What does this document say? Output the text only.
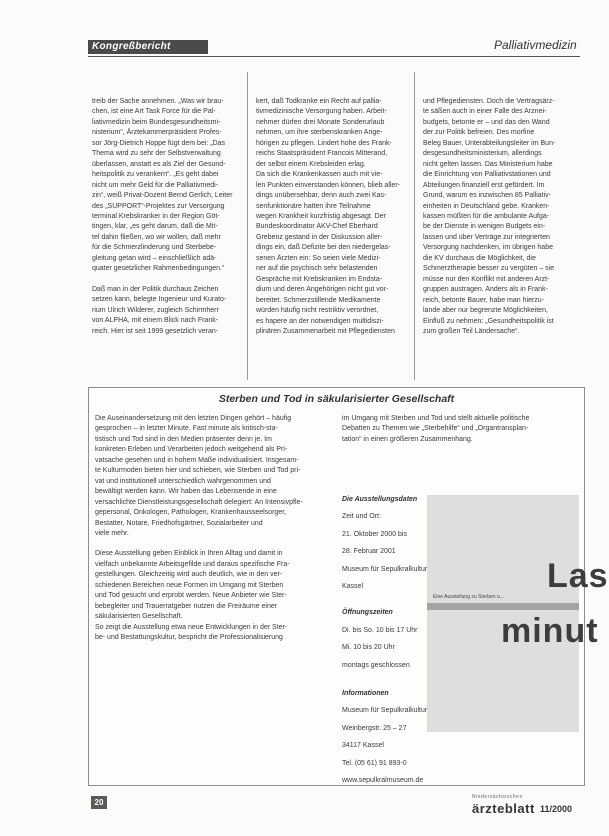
Kongreßbericht	Palliativmedizin

treib der Sache annehmen. „Was wir brau-

chen, ist eine Art Task Force für die Pal-

liativmedizin beim Bundesgesundheitsmi-

nisterium“, Ärztekammerpräsident Profes-

sor Jörg-Dietrich Hoppe fügt dem bei: „Das

Thema wird zu sehr der Selbstverwaltung

überlassen, anstatt es als Ziel der Gesund-

heitspolitik zu verankern“. „Es geht dabei

nicht um mehr Geld für die Palliativmedi-

zin“, weiß Privat-Dozent Bernd Gerlich, Leiter

des „SUPPORT“-Projektes zur Versorgung

terminal Krebskranker in der Region Göt-

tingen, klar, „es geht darum, daß die Mit-

tel dahin fließen, wo wir wollen, daß mehr

für die Schmerzlinderung und Sterbebe-

gleitung getan wird – einschließlich adä-

quater gesetzlicher Rahmenbedingungen.“

Daß man in der Politik durchaus Zeichen

setzen kann, belegte Ingenieur und Kurato-

rium Ulrich Wilderer, zugleich Schirmherr

von ALPHA, mit einem Blick nach Frank-

reich. Hier ist seit 1999 gesetzlich veran-

kert, daß Todkranke ein Recht auf pallia-

tivmedizinische Versorgung haben. Arbeit-

nehmer dürfen drei Monate Sonderurlaub

nehmen, um ihre sterbenskranken Ange-

hörigen zu pflegen. Lindert hohe des Frank-

reichs Staatspräsident Francois Mitterand,

der selbst einem Krebsleiden erlag.

Da sich die Krankenkassen auch mit vie-

len Punkten einverstanden können, blieb aller-

dings unübersehbar, denn auch zwei Kas-

senfunktionäre hatten ihre Teilnahme

wegen Krankheit kurzfristig abgesagt. Der

Bundeskoordinator AKV-Chef Eberhard

Grebenz gestand in der Diskussion aller-

dings ein, daß Defizite bei den niedergelas-

senen Ärzten ein: So seien viele Medizi-

ner auf die psychisch sehr belastenden

Gespräche mit Krebskranken im Endsta-

dium und deren Angehörigen nicht gut vor-

bereitet. Schmerzstillende Medikamente

würden häufig nicht restriktiv verordnet,

es hapere an der notwendigen multidiszi-

plinären Zusammenarbeit mit Pflegediensten

und Pflegediensten. Doch die Vertragsärz-

te säßen auch in einer Falle des Arznei-

budgets, betonte er – und das den Wand

der zur Politik befreien. Des morfine

Beleg Bauer, Unterabteilungsleiter im Bun-

desgesundheitsministerium, allerdings

nicht gelten lassen. Das Ministerium habe

die Einrichtung von Palliativstationen und

Abteilungen finanziell erst gefördert. Im

Grund, warum es inzwischen 85 Palliativ-

einheiten in Deutschland gebe. Kranken-

kassen müßten für die ambulante Aufga-

be der Dienste in wenigen Budgets ein-

lassen und über Verträge zur integrierten

Versorgung nachdenken, im übrigen habe

die KV durchaus die Möglichkeit, die

Schmerztherapie besser zu vergüten – sie

müsse nur den Konflikt mit anderen Arzt-

gruppen austragen. Anders als in Frank-

reich, betonte Bauer, habe man hierzu-

lande aber nur begrenzte Möglichkeiten,

Einfluß zu nehmen: „Gesundheitspolitik ist

zum großen Teil Ländersache“.

Sterben und Tod in säkularisierter Gesellschaft

Die Auseinandersetzung mit den letzten Dingen gehört – häufig

gesprochen – in letzter Minute. Fast minute als kritisch-sta-

tistisch und Tod sind in den Medien präsenter denn je. Im

konkreten Erleben und Verarbeiten jedoch weitgehend als Pri-

vatsache gesehen und in hohem Maße individualisiert. Insgesam-

te Kulturmoden bieten hier und schieben, wie Sterben und Tod pri-

vat und institutionell unterschiedlich wahrgenommen und

bewältigt werden kann. Wir haben das Lebensende in eine

versachlichte Dienstleistungsgesellschaft delegiert: An Intensivpfle-

gepersonal, Onkologen, Pathologen, Krankenhausseelsorger,

Bestatter, Notare, Friedhofsgärtner, Sozialarbeiter und

viele mehr.

Diese Ausstellung geben Einblick in Ihren Alltag und damit in

vielfach unbekannte Arbeitsgefilde und daraus spezifische Fra-

gestellungen. Gleichzeitig wird auch deutlich, wie in den ver-

schiedenen Bereichen neue Formen im Umgang mit Sterben

und Tod gesucht und erprobt werden. Neue Anbieter wie Ster-

bebegleiter und Trauerratgeber nutzen die Freiräume einer

säkularisierten Gesellschaft.

So zeigt die Ausstellung etwa neue Entwicklungen in der Ster-

be- und Bestattungskultur, bespricht die Professionalisierung

im Umgang mit Sterben und Tod und stellt aktuelle politische

Debatten zu Themen wie „Sterbehilfe“ und „Organtransplan-

tation“ in einen größeren Zusammenhang.

Die Ausstellungsdaten

Zeit und Ort:

21. Oktober 2000 bis

28. Februar 2001

Museum für Sepulkralkultur

Kassel

Öffnungszeiten

Di. bis So. 10 bis 17 Uhr

Mi. 10 bis 20 Uhr

montags geschlossen

Informationen

Museum für Sepulkralkultur

Weinbergstr. 25 – 27

34117 Kassel

Tel. (05 61) 91 893-0

www.sepulkralmuseum.de

Las
Eine Ausstellung zu Sterben u...
minut
20
Niedersächsisches
ärzteblatt 11/2000
